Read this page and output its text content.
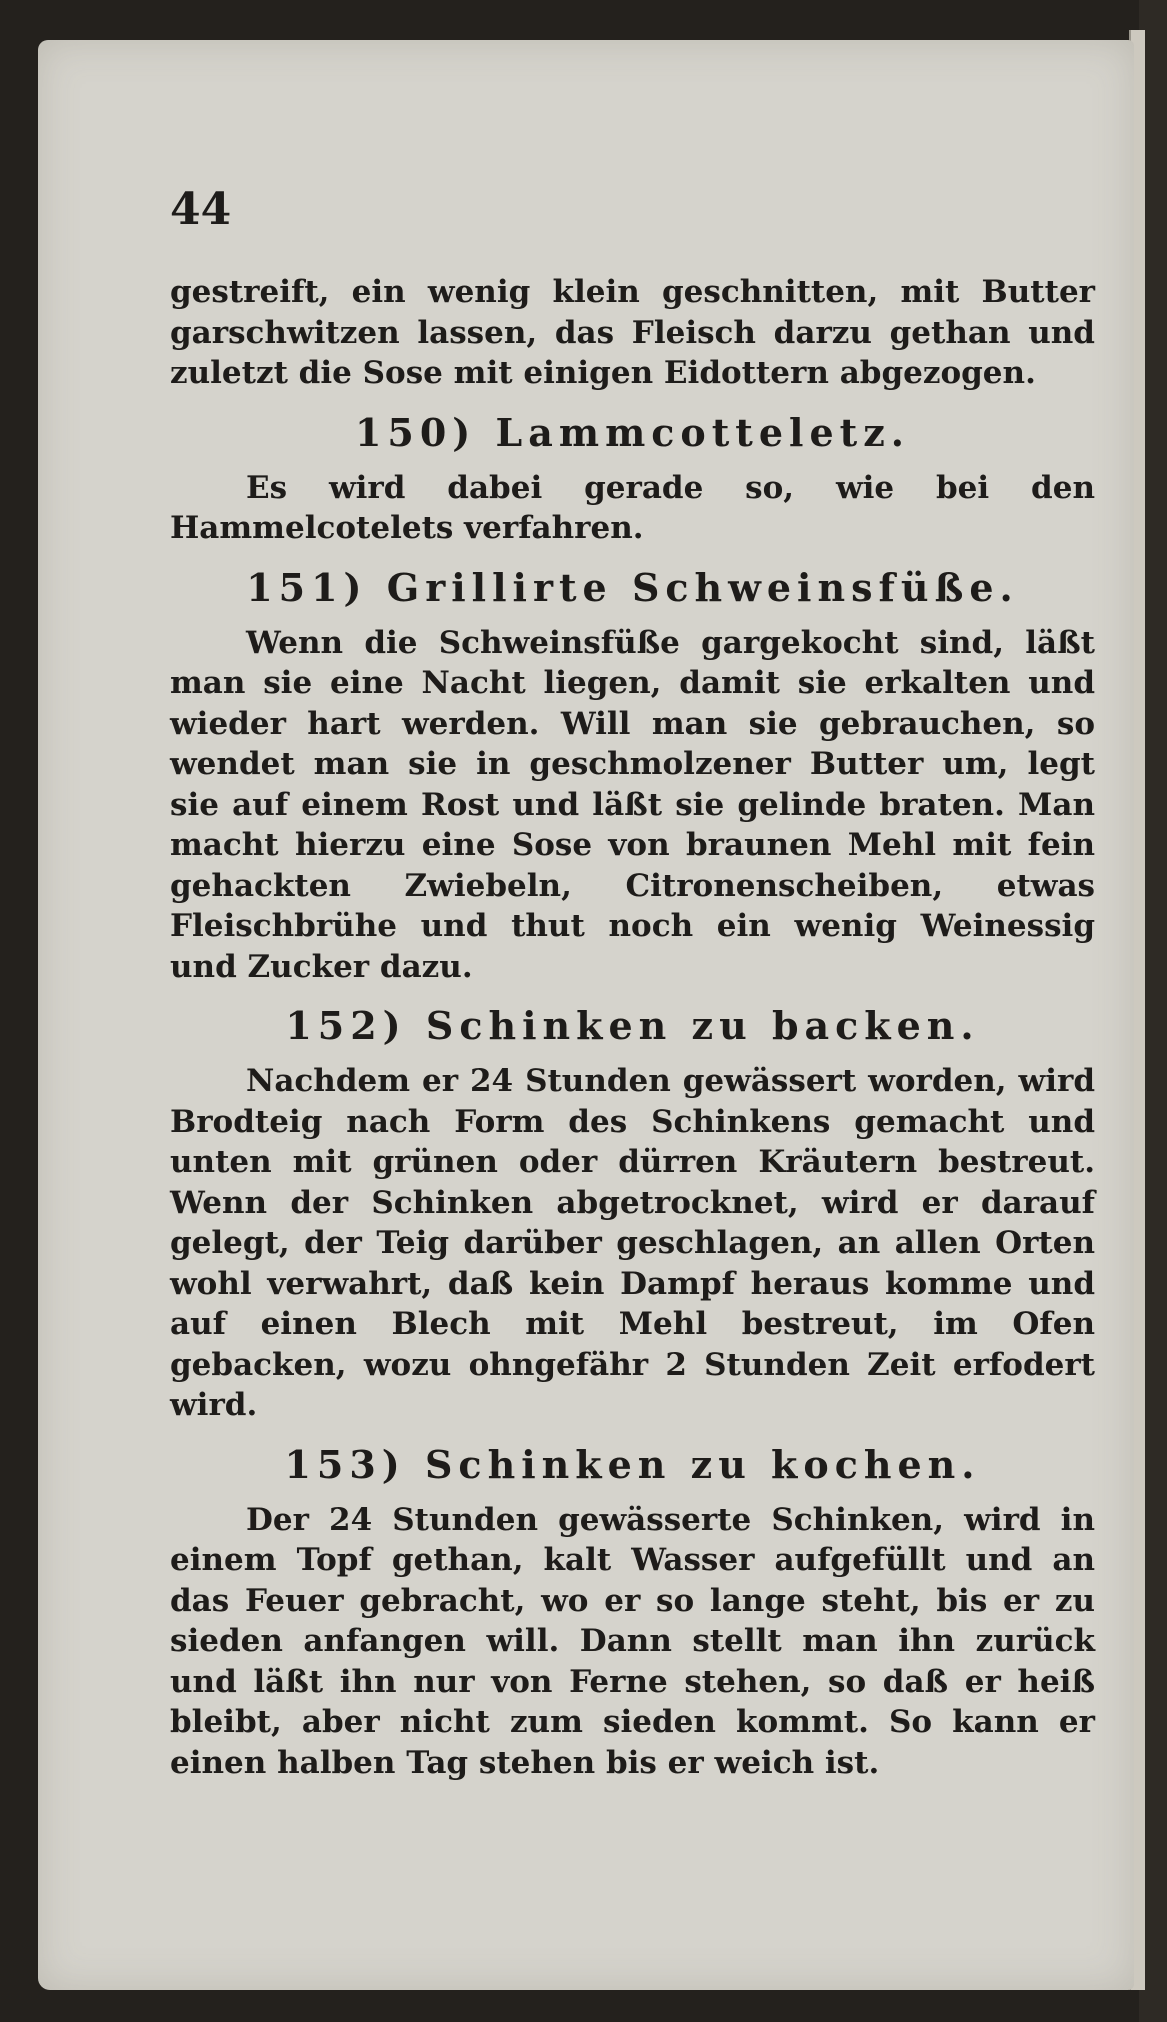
44

gestreift, ein wenig klein geschnitten, mit Butter garschwitzen lassen, das Fleisch darzu gethan und zuletzt die Sose mit einigen Eidottern abgezogen.

150) Lammcotteletz.

Es wird dabei gerade so, wie bei den Hammelcotelets verfahren.

151) Grillirte Schweinsfüße.

Wenn die Schweinsfüße gargekocht sind, läßt man sie eine Nacht liegen, damit sie erkalten und wieder hart werden. Will man sie gebrauchen, so wendet man sie in geschmolzener Butter um, legt sie auf einem Rost und läßt sie gelinde braten. Man macht hierzu eine Sose von braunen Mehl mit fein gehackten Zwiebeln, Citronenscheiben, etwas Fleischbrühe und thut noch ein wenig Weinessig und Zucker dazu.

152) Schinken zu backen.

Nachdem er 24 Stunden gewässert worden, wird Brodteig nach Form des Schinkens gemacht und unten mit grünen oder dürren Kräutern bestreut. Wenn der Schinken abgetrocknet, wird er darauf gelegt, der Teig darüber geschlagen, an allen Orten wohl verwahrt, daß kein Dampf heraus komme und auf einen Blech mit Mehl bestreut, im Ofen gebacken, wozu ohngefähr 2 Stunden Zeit erfodert wird.

153) Schinken zu kochen.

Der 24 Stunden gewässerte Schinken, wird in einem Topf gethan, kalt Wasser aufgefüllt und an das Feuer gebracht, wo er so lange steht, bis er zu sieden anfangen will. Dann stellt man ihn zurück und läßt ihn nur von Ferne stehen, so daß er heiß bleibt, aber nicht zum sieden kommt. So kann er einen halben Tag stehen bis er weich ist.
